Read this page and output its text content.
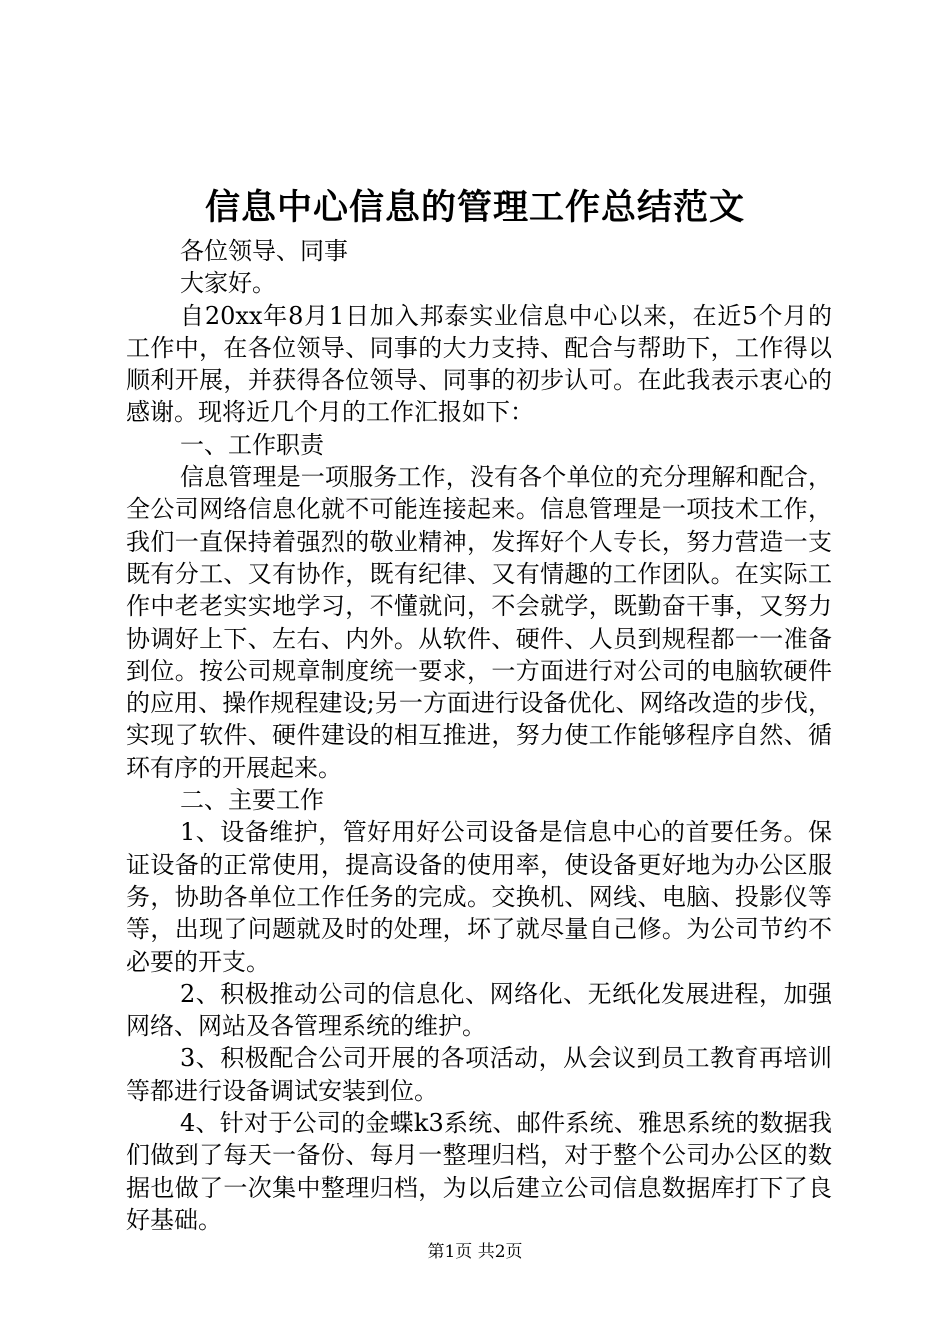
信息中心信息的管理工作总结范文

各位领导、同事

大家好。

自20xx年8月1日加入邦泰实业信息中心以来，在近5个月的工作中，在各位领导、同事的大力支持、配合与帮助下，工作得以顺利开展，并获得各位领导、同事的初步认可。在此我表示衷心的感谢。现将近几个月的工作汇报如下：

一、工作职责

信息管理是一项服务工作，没有各个单位的充分理解和配合，全公司网络信息化就不可能连接起来。信息管理是一项技术工作，我们一直保持着强烈的敬业精神，发挥好个人专长，努力营造一支既有分工、又有协作，既有纪律、又有情趣的工作团队。在实际工作中老老实实地学习，不懂就问，不会就学，既勤奋干事，又努力协调好上下、左右、内外。从软件、硬件、人员到规程都一一准备到位。按公司规章制度统一要求，一方面进行对公司的电脑软硬件的应用、操作规程建设;另一方面进行设备优化、网络改造的步伐，实现了软件、硬件建设的相互推进，努力使工作能够程序自然、循环有序的开展起来。

二、主要工作

1、设备维护，管好用好公司设备是信息中心的首要任务。保证设备的正常使用，提高设备的使用率，使设备更好地为办公区服务，协助各单位工作任务的完成。交换机、网线、电脑、投影仪等等，出现了问题就及时的处理，坏了就尽量自己修。为公司节约不必要的开支。

2、积极推动公司的信息化、网络化、无纸化发展进程，加强网络、网站及各管理系统的维护。

3、积极配合公司开展的各项活动，从会议到员工教育再培训等都进行设备调试安装到位。

4、针对于公司的金蝶k3系统、邮件系统、雅思系统的数据我们做到了每天一备份、每月一整理归档，对于整个公司办公区的数据也做了一次集中整理归档，为以后建立公司信息数据库打下了良好基础。

第1页 共2页
